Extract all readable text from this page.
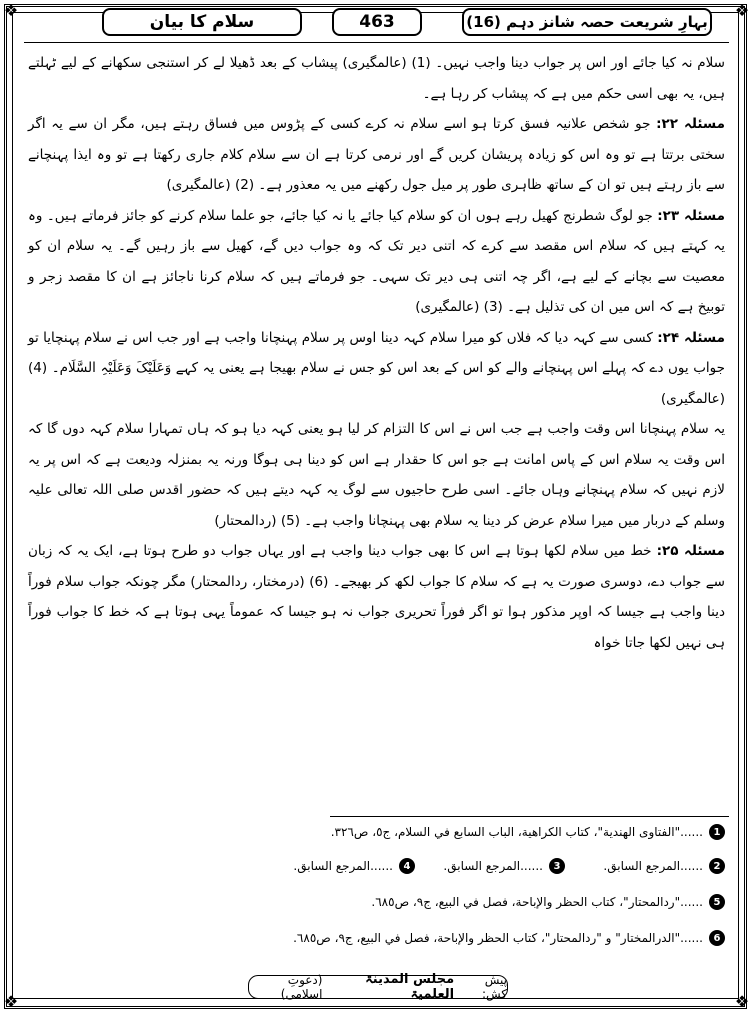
❖	❖
❖	❖
سلام کا بیان	463	بہارِ شریعت حصہ شانز دہم (16)

سلام نہ کیا جائے اور اس پر جواب دینا واجب نہیں۔ (1) (عالمگیری) پیشاب کے بعد ڈھیلا لے کر استنجی سکھانے کے لیے ٹہلتے ہیں، یہ بھی اسی حکم میں ہے کہ پیشاب کر رہا ہے۔

مسئلہ ۲۲: جو شخص علانیہ فسق کرتا ہو اسے سلام نہ کرے کسی کے پڑوس میں فساق رہتے ہیں، مگر ان سے یہ اگر سختی برتتا ہے تو وہ اس کو زیادہ پریشان کریں گے اور نرمی کرتا ہے ان سے سلام کلام جاری رکھتا ہے تو وہ ایذا پہنچانے سے باز رہتے ہیں تو ان کے ساتھ ظاہری طور پر میل جول رکھنے میں یہ معذور ہے۔ (2) (عالمگیری)

مسئلہ ۲۳: جو لوگ شطرنج کھیل رہے ہوں ان کو سلام کیا جائے یا نہ کیا جائے، جو علما سلام کرنے کو جائز فرماتے ہیں۔ وہ یہ کہتے ہیں کہ سلام اس مقصد سے کرے کہ اتنی دیر تک کہ وہ جواب دیں گے، کھیل سے باز رہیں گے۔ یہ سلام ان کو معصیت سے بچانے کے لیے ہے، اگر چہ اتنی ہی دیر تک سہی۔ جو فرماتے ہیں کہ سلام کرنا ناجائز ہے ان کا مقصد زجر و توبیخ ہے کہ اس میں ان کی تذلیل ہے۔ (3) (عالمگیری)

مسئلہ ۲۴: کسی سے کہہ دیا کہ فلاں کو میرا سلام کہہ دینا اوس پر سلام پہنچانا واجب ہے اور جب اس نے سلام پہنچایا تو جواب یوں دے کہ پہلے اس پہنچانے والے کو اس کے بعد اس کو جس نے سلام بھیجا ہے یعنی یہ کہے وَعَلَیْکَ وَعَلَیْہِ السَّلَام۔ (4) (عالمگیری)

یہ سلام پہنچانا اس وقت واجب ہے جب اس نے اس کا التزام کر لیا ہو یعنی کہہ دیا ہو کہ ہاں تمہارا سلام کہہ دوں گا کہ اس وقت یہ سلام اس کے پاس امانت ہے جو اس کا حقدار ہے اس کو دینا ہی ہوگا ورنہ یہ بمنزلہ ودیعت ہے کہ اس پر یہ لازم نہیں کہ سلام پہنچانے وہاں جائے۔ اسی طرح حاجیوں سے لوگ یہ کہہ دیتے ہیں کہ حضور اقدس صلی اللہ تعالی علیہ وسلم کے دربار میں میرا سلام عرض کر دینا یہ سلام بھی پہنچانا واجب ہے۔ (5) (ردالمحتار)

مسئلہ ۲۵: خط میں سلام لکھا ہوتا ہے اس کا بھی جواب دینا واجب ہے اور یہاں جواب دو طرح ہوتا ہے، ایک یہ کہ زبان سے جواب دے، دوسری صورت یہ ہے کہ سلام کا جواب لکھ کر بھیجے۔ (6) (درمختار، ردالمحتار) مگر چونکہ جواب سلام فوراً دینا واجب ہے جیسا کہ اوپر مذکور ہوا تو اگر فوراً تحریری جواب نہ ہو جیسا کہ عموماً یہی ہوتا ہے کہ خط کا جواب فوراً ہی نہیں لکھا جاتا خواہ

1
......"الفتاوى الهندية"، كتاب الكراهية، الباب السابع في السلام، ج٥، ص٣٢٦.
2
......المرجع السابق.
3
......المرجع السابق.
4
......المرجع السابق.
5
......"ردالمحتار"، كتاب الحظر والإباحة، فصل في البيع، ج٩، ص٦٨٥.
6
......"الدرالمختار" و "ردالمحتار"، كتاب الحظر والإباحة، فصل في البيع، ج٩، ص٦٨٥.
پیش کش:
مجلس المدینۃ العلمیۃ
(دعوتِ اسلامی)
